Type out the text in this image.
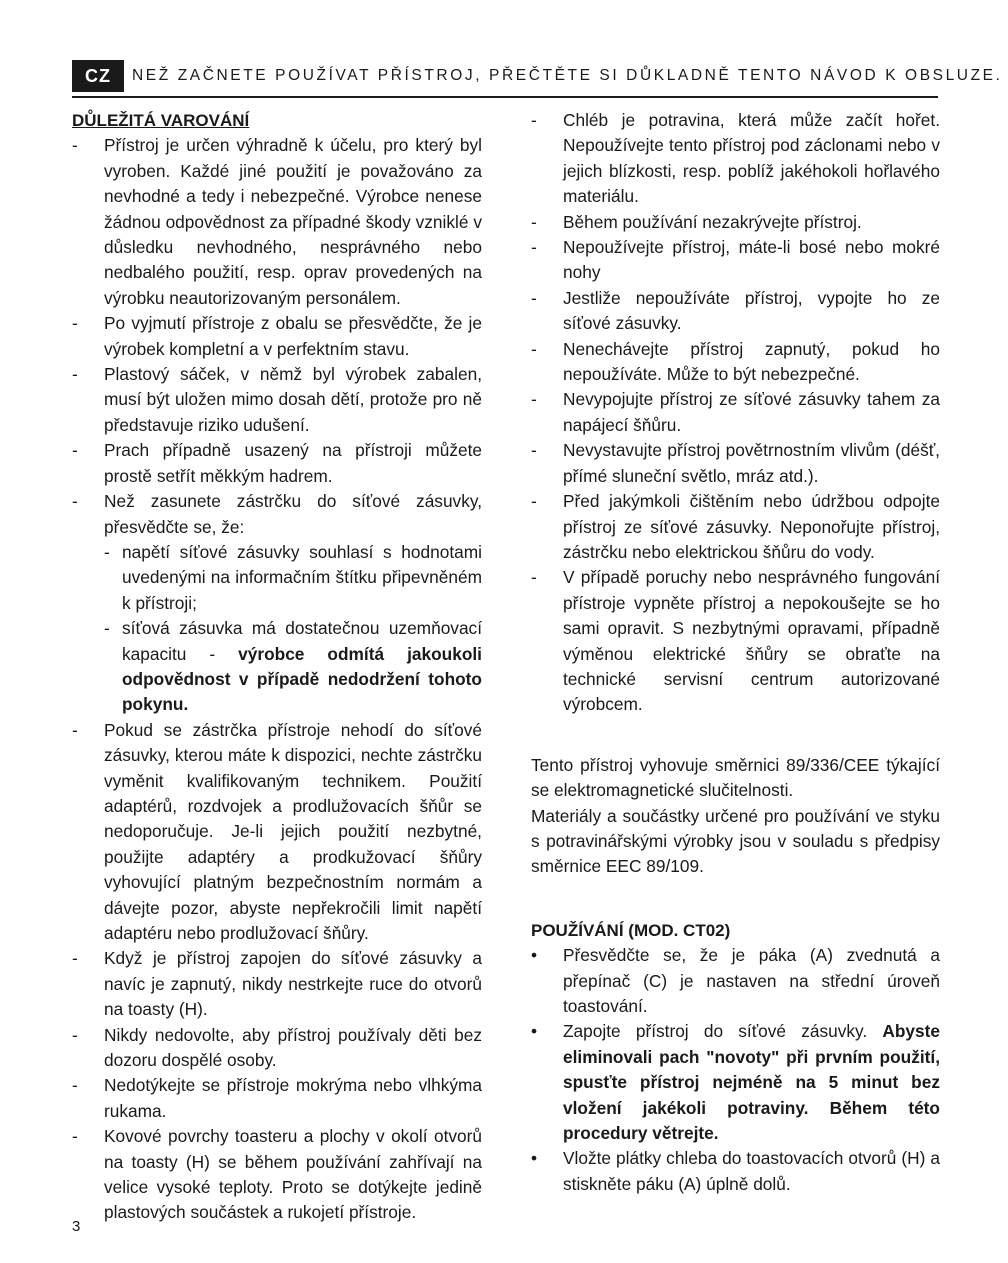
CZ	NEŽ ZAČNETE POUŽÍVAT PŘÍSTROJ, PŘEČTĚTE SI DŮKLADNĚ TENTO NÁVOD K OBSLUZE.
DŮLEŽITÁ VAROVÁNÍ
-	Přístroj je určen výhradně k účelu, pro který byl vyroben. Každé jiné použití je považováno za nevhodné a tedy i nebezpečné. Výrobce nenese žádnou odpovědnost za případné škody vzniklé v důsledku nevhodného, nesprávného nebo nedbalého použití, resp. oprav provedených na výrobku neautorizovaným personálem.
-	Po vyjmutí přístroje z obalu se přesvědčte, že je výrobek kompletní a v perfektním stavu.
-	Plastový sáček, v němž byl výrobek zabalen, musí být uložen mimo dosah dětí, protože pro ně představuje riziko udušení.
-	Prach případně usazený na přístroji můžete prostě setřít měkkým hadrem.
-	Než zasunete zástrčku do síťové zásuvky, přesvědčte se, že:
- napětí síťové zásuvky souhlasí s hodnotami uvedenými na informačním štítku připevněném k přístroji;
- síťová zásuvka má dostatečnou uzemňovací kapacitu - výrobce odmítá jakoukoli odpovědnost v případě nedodržení tohoto pokynu.
-	Pokud se zástrčka přístroje nehodí do síťové zásuvky, kterou máte k dispozici, nechte zástrčku vyměnit kvalifikovaným technikem. Použití adaptérů, rozdvojek a prodlužovacích šňůr se nedoporučuje. Je-li jejich použití nezbytné, použijte adaptéry a prodkužovací šňůry vyhovující platným bezpečnostním normám a dávejte pozor, abyste nepřekročili limit napětí adaptéru nebo prodlužovací šňůry.
-	Když je přístroj zapojen do síťové zásuvky a navíc je zapnutý, nikdy nestrkejte ruce do otvorů na toasty (H).
-	Nikdy nedovolte, aby přístroj používaly děti bez dozoru dospělé osoby.
-	Nedotýkejte se přístroje mokrýma nebo vlhkýma rukama.
-	Kovové povrchy toasteru a plochy v okolí otvorů na toasty (H) se během používání zahřívají na velice vysoké teploty. Proto se dotýkejte jedině plastových součástek a rukojetí přístroje.
-	Chléb je potravina, která může začít hořet. Nepoužívejte tento přístroj pod záclonami nebo v jejich blízkosti, resp. poblíž jakéhokoli hořlavého materiálu.
-	Během používání nezakrývejte přístroj.
-	Nepoužívejte přístroj, máte-li bosé nebo mokré nohy
-	Jestliže nepoužíváte přístroj, vypojte ho ze síťové zásuvky.
-	Nenechávejte přístroj zapnutý, pokud ho nepoužíváte. Může to být nebezpečné.
-	Nevypojujte přístroj ze síťové zásuvky tahem za napájecí šňůru.
-	Nevystavujte přístroj povětrnostním vlivům (déšť, přímé sluneční světlo, mráz atd.).
-	Před jakýmkoli čištěním nebo údržbou odpojte přístroj ze síťové zásuvky. Neponořujte přístroj, zástrčku nebo elektrickou šňůru do vody.
-	V případě poruchy nebo nesprávného fungování přístroje vypněte přístroj a nepokoušejte se ho sami opravit. S nezbytnými opravami, případně výměnou elektrické šňůry se obraťte na technické servisní centrum autorizované výrobcem.

Tento přístroj vyhovuje směrnici 89/336/CEE týkající se elektromagnetické slučitelnosti.

Materiály a součástky určené pro používání ve styku s potravinářskými výrobky jsou v souladu s předpisy směrnice EEC 89/109.

POUŽÍVÁNÍ (MOD. CT02)
•	Přesvědčte se, že je páka (A) zvednutá a přepínač (C) je nastaven na střední úroveň toastování.
•	Zapojte přístroj do síťové zásuvky. Abyste eliminovali pach "novoty" při prvním použití, spusťte přístroj nejméně na 5 minut bez vložení jakékoli potraviny. Během této procedury větrejte.
•	Vložte plátky chleba do toastovacích otvorů (H) a stiskněte páku (A) úplně dolů.
3
